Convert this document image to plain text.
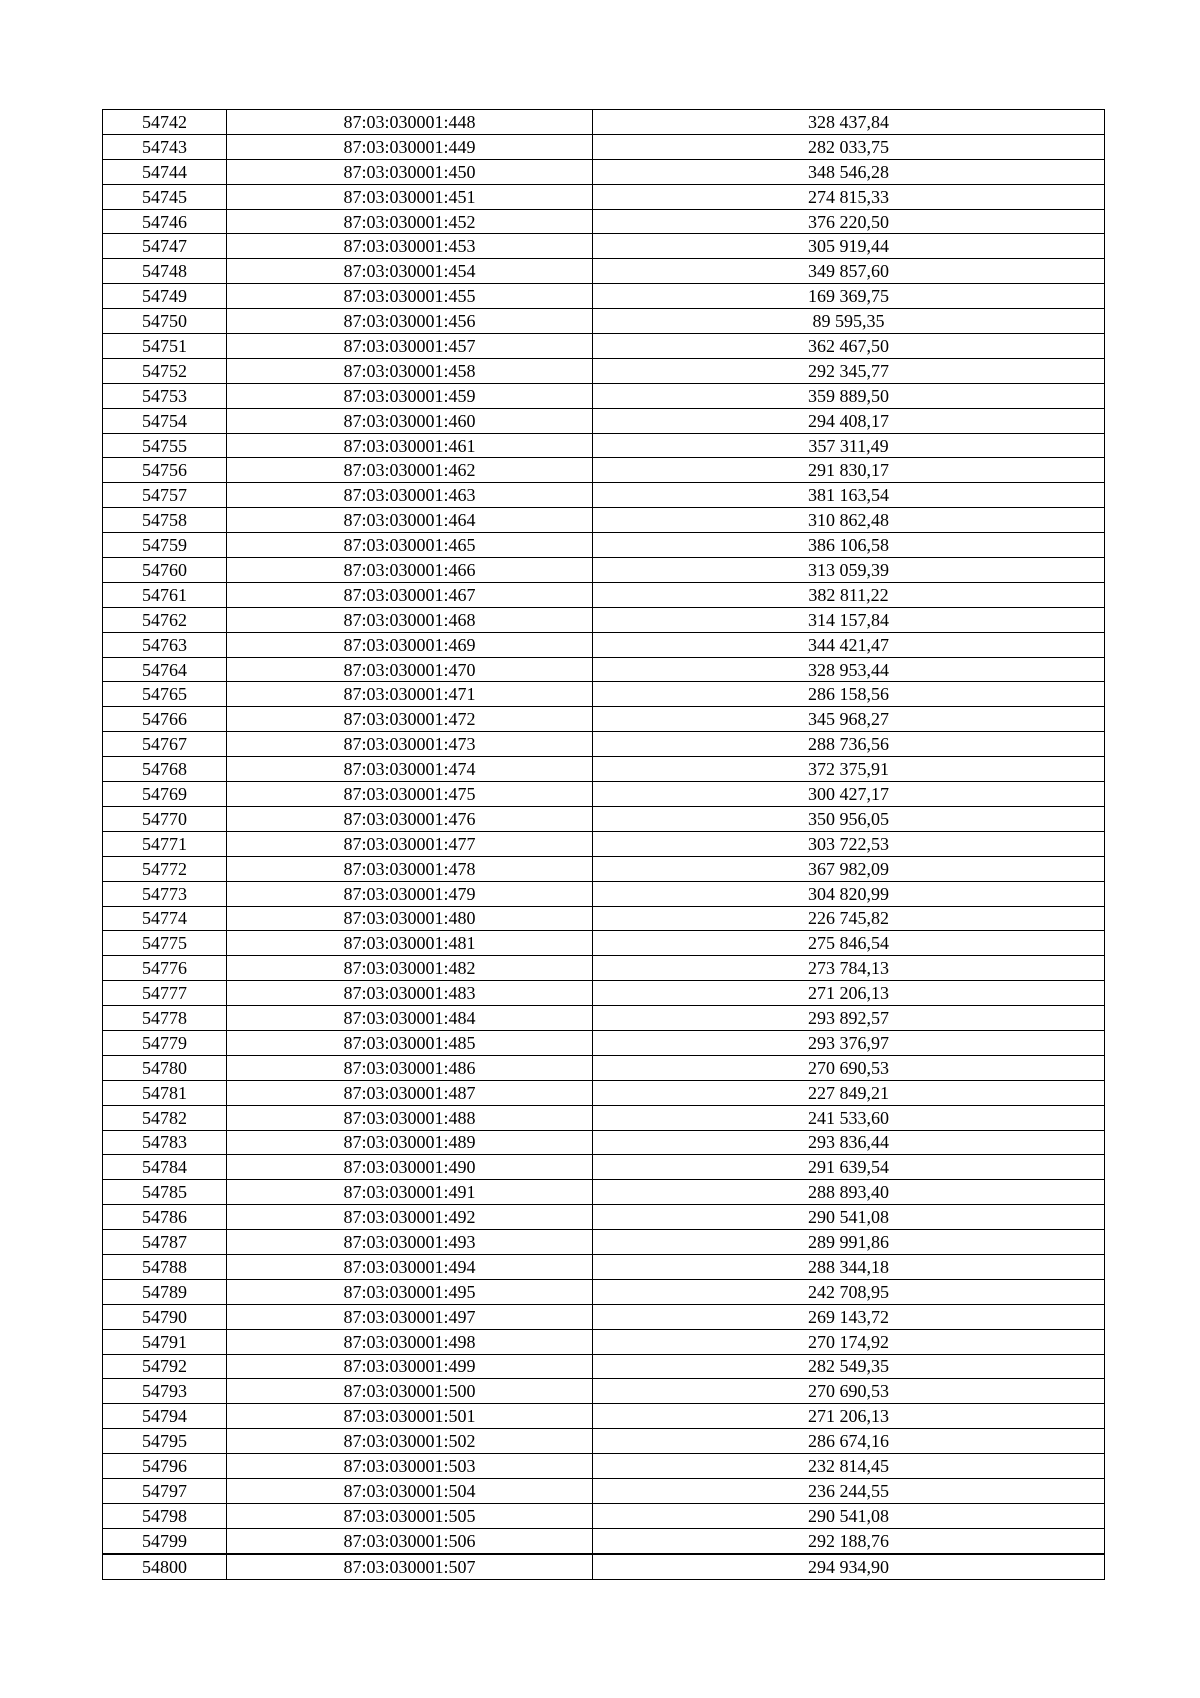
54742	87:03:030001:448	328 437,84
54743	87:03:030001:449	282 033,75
54744	87:03:030001:450	348 546,28
54745	87:03:030001:451	274 815,33
54746	87:03:030001:452	376 220,50
54747	87:03:030001:453	305 919,44
54748	87:03:030001:454	349 857,60
54749	87:03:030001:455	169 369,75
54750	87:03:030001:456	89 595,35
54751	87:03:030001:457	362 467,50
54752	87:03:030001:458	292 345,77
54753	87:03:030001:459	359 889,50
54754	87:03:030001:460	294 408,17
54755	87:03:030001:461	357 311,49
54756	87:03:030001:462	291 830,17
54757	87:03:030001:463	381 163,54
54758	87:03:030001:464	310 862,48
54759	87:03:030001:465	386 106,58
54760	87:03:030001:466	313 059,39
54761	87:03:030001:467	382 811,22
54762	87:03:030001:468	314 157,84
54763	87:03:030001:469	344 421,47
54764	87:03:030001:470	328 953,44
54765	87:03:030001:471	286 158,56
54766	87:03:030001:472	345 968,27
54767	87:03:030001:473	288 736,56
54768	87:03:030001:474	372 375,91
54769	87:03:030001:475	300 427,17
54770	87:03:030001:476	350 956,05
54771	87:03:030001:477	303 722,53
54772	87:03:030001:478	367 982,09
54773	87:03:030001:479	304 820,99
54774	87:03:030001:480	226 745,82
54775	87:03:030001:481	275 846,54
54776	87:03:030001:482	273 784,13
54777	87:03:030001:483	271 206,13
54778	87:03:030001:484	293 892,57
54779	87:03:030001:485	293 376,97
54780	87:03:030001:486	270 690,53
54781	87:03:030001:487	227 849,21
54782	87:03:030001:488	241 533,60
54783	87:03:030001:489	293 836,44
54784	87:03:030001:490	291 639,54
54785	87:03:030001:491	288 893,40
54786	87:03:030001:492	290 541,08
54787	87:03:030001:493	289 991,86
54788	87:03:030001:494	288 344,18
54789	87:03:030001:495	242 708,95
54790	87:03:030001:497	269 143,72
54791	87:03:030001:498	270 174,92
54792	87:03:030001:499	282 549,35
54793	87:03:030001:500	270 690,53
54794	87:03:030001:501	271 206,13
54795	87:03:030001:502	286 674,16
54796	87:03:030001:503	232 814,45
54797	87:03:030001:504	236 244,55
54798	87:03:030001:505	290 541,08
54799	87:03:030001:506	292 188,76
54800	87:03:030001:507	294 934,90
